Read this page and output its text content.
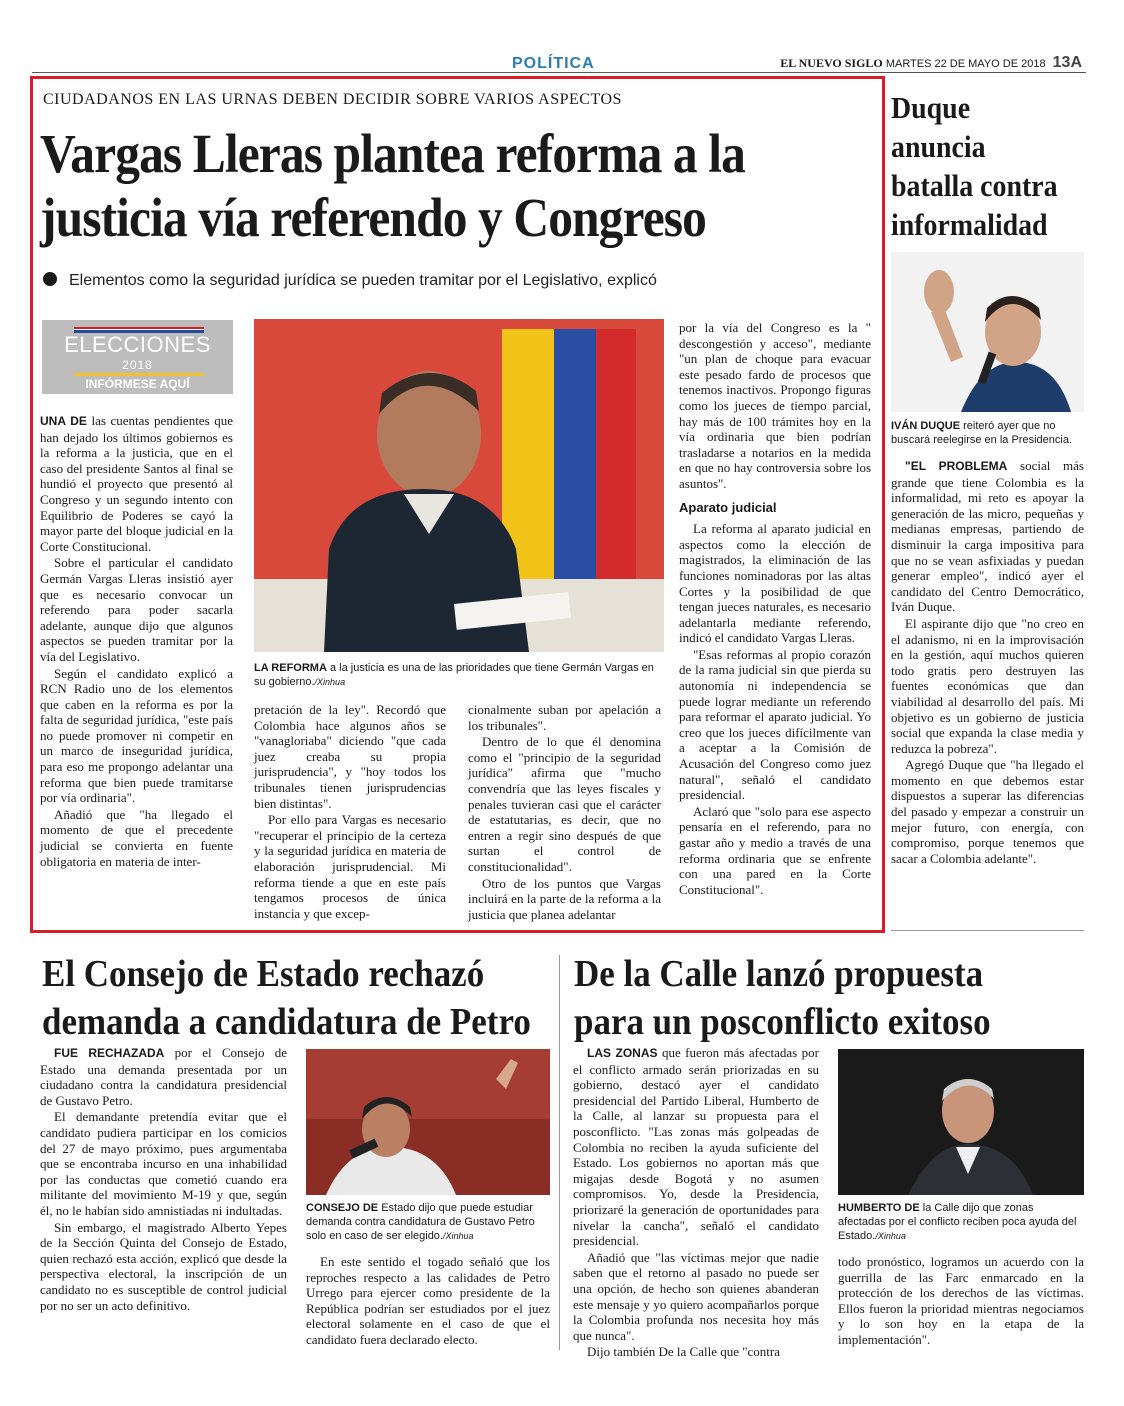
POLÍTICA	EL NUEVO SIGLO MARTES 22 DE MAYO DE 2018 13A
CIUDADANOS EN LAS URNAS DEBEN DECIDIR SOBRE VARIOS ASPECTOS
Vargas Lleras plantea reforma a la
justicia vía referendo y Congreso
Elementos como la seguridad jurídica se pueden tramitar por el Legislativo, explicó
ELECCIONES
2018
INFÓRMESE AQUÍ

UNA DE las cuentas pendientes que han dejado los últimos gobiernos es la reforma a la justicia, que en el caso del presidente Santos al final se hundió el proyecto que presentó al Congreso y un segundo intento con Equilibrio de Poderes se cayó la mayor parte del bloque judicial en la Corte Constitucional.

Sobre el particular el candidato Germán Vargas Lleras insistió ayer que es necesario convocar un referendo para poder sacarla adelante, aunque dijo que algunos aspectos se pueden tramitar por la vía del Legislativo.

Según el candidato explicó a RCN Radio uno de los elementos que caben en la reforma es por la falta de seguridad jurídica, "este país no puede promover ni competir en un marco de inseguridad jurídica, para eso me propongo adelantar una reforma que bien puede tramitarse por vía ordinaria".

Añadió que "ha llegado el momento de que el precedente judicial se convierta en fuente obligatoria en materia de inter-

LA REFORMA a la justicia es una de las prioridades que tiene Germán Vargas en su gobierno./Xinhua

pretación de la ley". Recordó que Colombia hace algunos años se "vanagloriaba" diciendo "que cada juez creaba su propia jurisprudencia", y "hoy todos los tribunales tienen jurisprudencias bien distintas".

Por ello para Vargas es necesario "recuperar el principio de la certeza y la seguridad jurídica en materia de elaboración jurisprudencial. Mi reforma tiende a que en este país tengamos procesos de única instancia y que excep-

cionalmente suban por apelación a los tribunales".

Dentro de lo que él denomina como el "principio de la seguridad jurídica" afirma que "mucho convendría que las leyes fiscales y penales tuvieran casi que el carácter de estatutarias, es decir, que no entren a regir sino después de que surtan el control de constitucionalidad".

Otro de los puntos que Vargas incluirá en la parte de la reforma a la justicia que planea adelantar

por la vía del Congreso es la " descongestión y acceso", mediante "un plan de choque para evacuar este pesado fardo de procesos que tenemos inactivos. Propongo figuras como los jueces de tiempo parcial, hay más de 100 trámites hoy en la vía ordinaria que bien podrían trasladarse a notarios en la medida en que no hay controversia sobre los asuntos".

Aparato judicial

La reforma al aparato judicial en aspectos como la elección de magistrados, la eliminación de las funciones nominadoras por las altas Cortes y la posibilidad de que tengan jueces naturales, es necesario adelantarla mediante referendo, indicó el candidato Vargas Lleras.

"Esas reformas al propio corazón de la rama judicial sin que pierda su autonomía ni independencia se puede lograr mediante un referendo para reformar el aparato judicial. Yo creo que los jueces difícilmente van a aceptar a la Comisión de Acusación del Congreso como juez natural", señaló el candidato presidencial.

Aclaró que "solo para ese aspecto pensaría en el referendo, para no gastar año y medio a través de una reforma ordinaria que se enfrente con una pared en la Corte Constitucional".

Duque anuncia
batalla contra
informalidad

IVÁN DUQUE reiteró ayer que no buscará reelegirse en la Presidencia.

"EL PROBLEMA social más grande que tiene Colombia es la informalidad, mi reto es apoyar la generación de las micro, pequeñas y medianas empresas, partiendo de disminuir la carga impositiva para que no se vean asfixiadas y puedan generar empleo", indicó ayer el candidato del Centro Democrático, Iván Duque.

El aspirante dijo que "no creo en el adanismo, ni en la improvisación en la gestión, aquí muchos quieren todo gratis pero destruyen las fuentes económicas que dan viabilidad al desarrollo del país. Mi objetivo es un gobierno de justicia social que expanda la clase media y reduzca la pobreza".

Agregó Duque que "ha llegado el momento en que debemos estar dispuestos a superar las diferencias del pasado y empezar a construir un mejor futuro, con energía, con compromiso, porque tenemos que sacar a Colombia adelante".

El Consejo de Estado rechazó
demanda a candidatura de Petro

FUE RECHAZADA por el Consejo de Estado una demanda presentada por un ciudadano contra la candidatura presidencial de Gustavo Petro.

El demandante pretendía evitar que el candidato pudiera participar en los comicios del 27 de mayo próximo, pues argumentaba que se encontraba incurso en una inhabilidad por las conductas que cometió cuando era militante del movimiento M-19 y que, según él, no le habían sido amnistiadas ni indultadas.

Sin embargo, el magistrado Alberto Yepes de la Sección Quinta del Consejo de Estado, quien rechazó esta acción, explicó que desde la perspectiva electoral, la inscripción de un candidato no es susceptible de control judicial por no ser un acto definitivo.

CONSEJO DE Estado dijo que puede estudiar demanda contra candidatura de Gustavo Petro solo en caso de ser elegido./Xinhua

En este sentido el togado señaló que los reproches respecto a las calidades de Petro Urrego para ejercer como presidente de la República podrían ser estudiados por el juez electoral solamente en el caso de que el candidato fuera declarado electo.

De la Calle lanzó propuesta
para un posconflicto exitoso

LAS ZONAS que fueron más afectadas por el conflicto armado serán priorizadas en su gobierno, destacó ayer el candidato presidencial del Partido Liberal, Humberto de la Calle, al lanzar su propuesta para el posconflicto. "Las zonas más golpeadas de Colombia no reciben la ayuda suficiente del Estado. Los gobiernos no aportan más que migajas desde Bogotá y no asumen compromisos. Yo, desde la Presidencia, priorizaré la generación de oportunidades para nivelar la cancha", señaló el candidato presidencial.

Añadió que "las víctimas mejor que nadie saben que el retorno al pasado no puede ser una opción, de hecho son quienes abanderan este mensaje y yo quiero acompañarlos porque la Colombia profunda nos necesita hoy más que nunca".

Dijo también De la Calle que "contra

HUMBERTO DE la Calle dijo que zonas afectadas por el conflicto reciben poca ayuda del Estado./Xinhua

todo pronóstico, logramos un acuerdo con la guerrilla de las Farc enmarcado en la protección de los derechos de las víctimas. Ellos fueron la prioridad mientras negociamos y lo son hoy en la etapa de la implementación".
